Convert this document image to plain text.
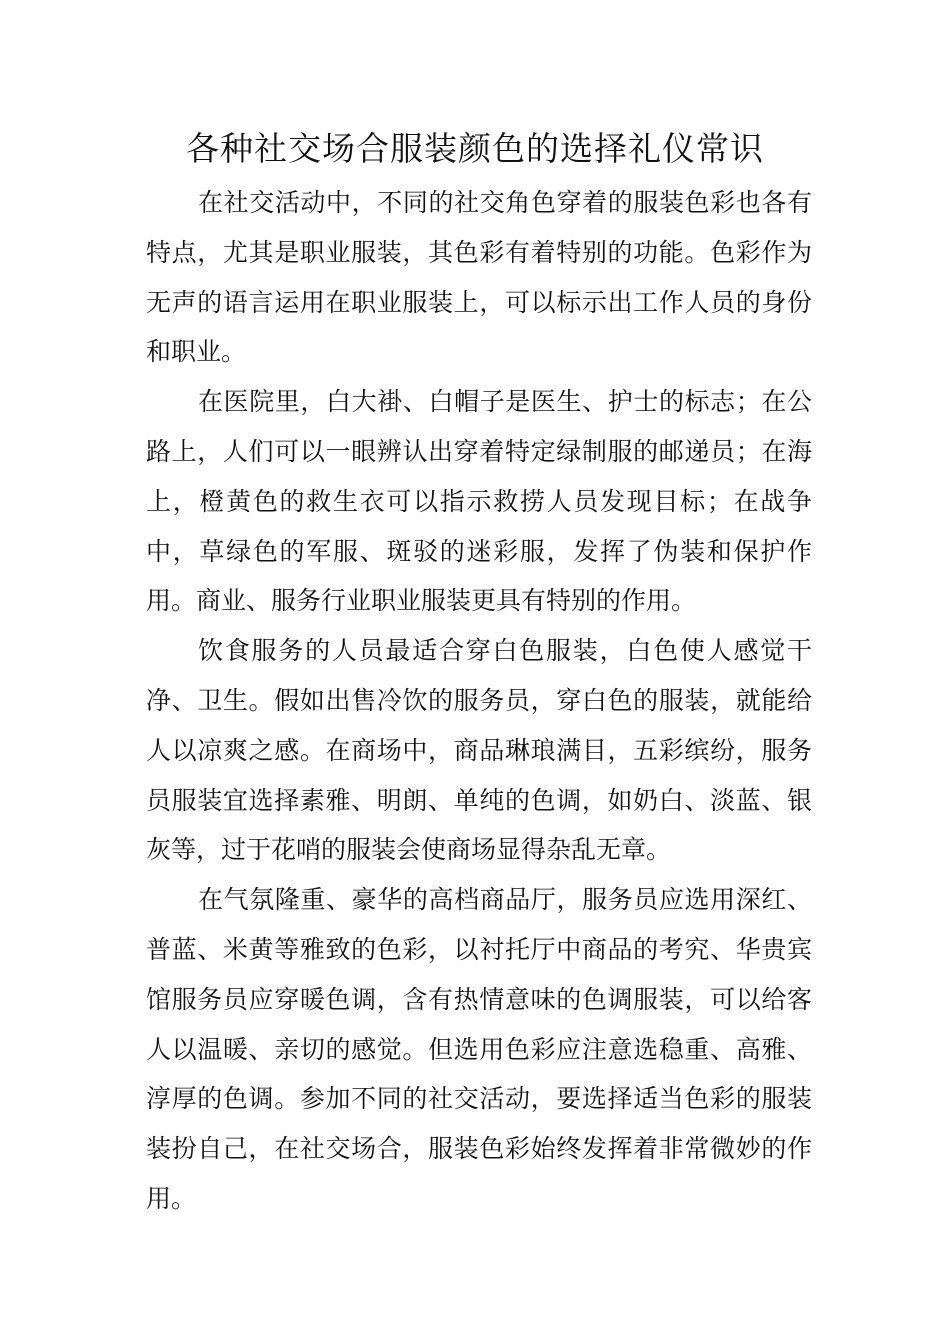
各种社交场合服装颜色的选择礼仪常识

在社交活动中，不同的社交角色穿着的服装色彩也各有特点，尤其是职业服装，其色彩有着特别的功能。色彩作为无声的语言运用在职业服装上，可以标示出工作人员的身份和职业。

在医院里，白大褂、白帽子是医生、护士的标志；在公路上，人们可以一眼辨认出穿着特定绿制服的邮递员；在海上，橙黄色的救生衣可以指示救捞人员发现目标；在战争中，草绿色的军服、斑驳的迷彩服，发挥了伪装和保护作用。商业、服务行业职业服装更具有特别的作用。

饮食服务的人员最适合穿白色服装，白色使人感觉干净、卫生。假如出售冷饮的服务员，穿白色的服装，就能给人以凉爽之感。在商场中，商品琳琅满目，五彩缤纷，服务员服装宜选择素雅、明朗、单纯的色调，如奶白、淡蓝、银灰等，过于花哨的服装会使商场显得杂乱无章。

在气氛隆重、豪华的高档商品厅，服务员应选用深红、普蓝、米黄等雅致的色彩，以衬托厅中商品的考究、华贵宾馆服务员应穿暖色调，含有热情意味的色调服装，可以给客人以温暖、亲切的感觉。但选用色彩应注意选稳重、高雅、淳厚的色调。参加不同的社交活动，要选择适当色彩的服装装扮自己，在社交场合，服装色彩始终发挥着非常微妙的作用。
